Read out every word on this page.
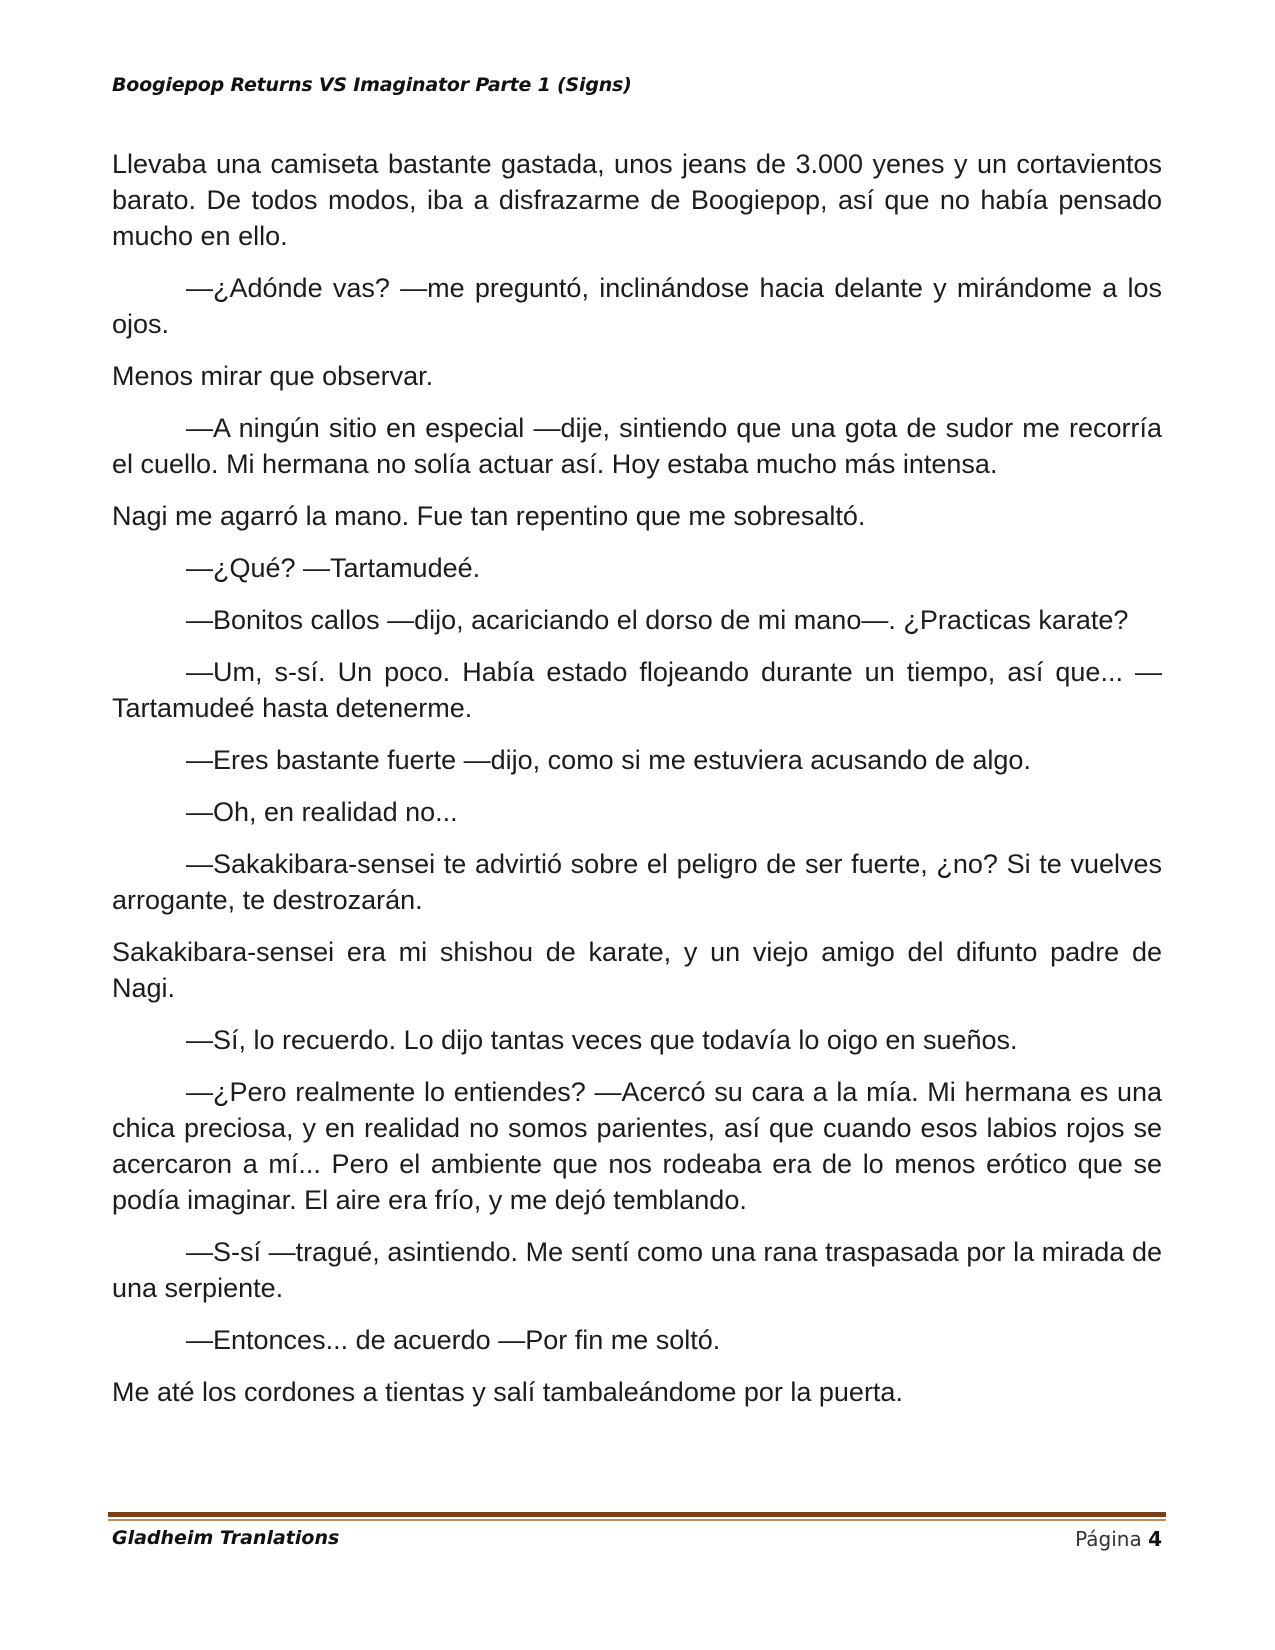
Boogiepop Returns VS Imaginator Parte 1 (Signs)

Llevaba una camiseta bastante gastada, unos jeans de 3.000 yenes y un cortavientos barato. De todos modos, iba a disfrazarme de Boogiepop, así que no había pensado mucho en ello.

—¿Adónde vas? —me preguntó, inclinándose hacia delante y mirándome a los ojos.

Menos mirar que observar.

—A ningún sitio en especial —dije, sintiendo que una gota de sudor me recorría el cuello. Mi hermana no solía actuar así. Hoy estaba mucho más intensa.

Nagi me agarró la mano. Fue tan repentino que me sobresaltó.

—¿Qué? —Tartamudeé.

—Bonitos callos —dijo, acariciando el dorso de mi mano—. ¿Practicas karate?

—Um, s-sí. Un poco. Había estado flojeando durante un tiempo, así que... —Tartamudeé hasta detenerme.

—Eres bastante fuerte —dijo, como si me estuviera acusando de algo.

—Oh, en realidad no...

—Sakakibara-sensei te advirtió sobre el peligro de ser fuerte, ¿no? Si te vuelves arrogante, te destrozarán.

Sakakibara-sensei era mi shishou de karate, y un viejo amigo del difunto padre de Nagi.

—Sí, lo recuerdo. Lo dijo tantas veces que todavía lo oigo en sueños.

—¿Pero realmente lo entiendes? —Acercó su cara a la mía. Mi hermana es una chica preciosa, y en realidad no somos parientes, así que cuando esos labios rojos se acercaron a mí... Pero el ambiente que nos rodeaba era de lo menos erótico que se podía imaginar. El aire era frío, y me dejó temblando.

—S-sí —tragué, asintiendo. Me sentí como una rana traspasada por la mirada de una serpiente.

—Entonces... de acuerdo —Por fin me soltó.

Me até los cordones a tientas y salí tambaleándome por la puerta.

Gladheim Tranlations	Página 4
